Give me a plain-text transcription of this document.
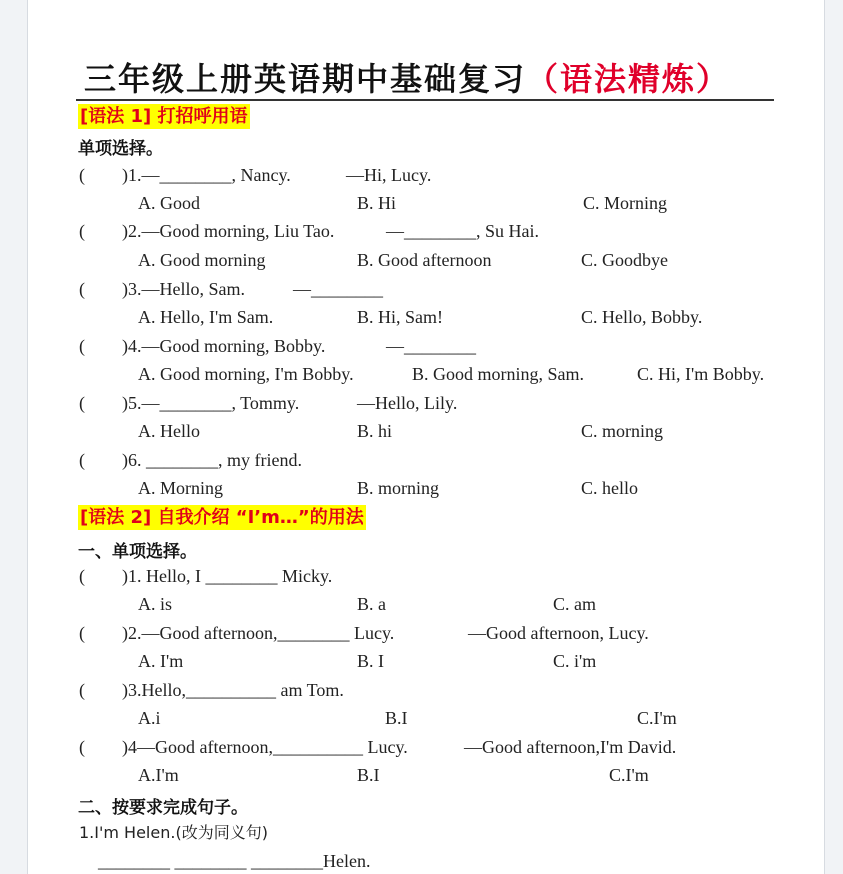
三年级上册英语期中基础复习（语法精炼）
[语法 1] 打招呼用语
单项选择。
( )1.—________, Nancy.	—Hi, Lucy.
A. Good	B. Hi	C. Morning
( )2.—Good morning, Liu Tao.	—________, Su Hai.
A. Good morning	B. Good afternoon	C. Goodbye
( )3.—Hello, Sam.	—________
A. Hello, I'm Sam.	B. Hi, Sam!	C. Hello, Bobby.
( )4.—Good morning, Bobby.	—________
A. Good morning, I'm Bobby.	B. Good morning, Sam.	C. Hi, I'm Bobby.
( )5.—________, Tommy.	—Hello, Lily.
A. Hello	B. hi	C. morning
( )6. ________, my friend.
A. Morning	B. morning	C. hello
[语法 2] 自我介绍 “I’m…”的用法
一、单项选择。
( )1. Hello, I ________ Micky.
A. is	B. a	C. am
( )2.—Good afternoon,________ Lucy.	—Good afternoon, Lucy.
A. I'm	B. I	C. i'm
( )3.Hello,__________ am Tom.
A.i	B.I	C.I'm
( )4—Good afternoon,__________ Lucy.	—Good afternoon,I'm David.
A.I'm	B.I	C.I'm
二、按要求完成句子。
1.I'm Helen.(改为同义句)
________ ________ ________Helen.
